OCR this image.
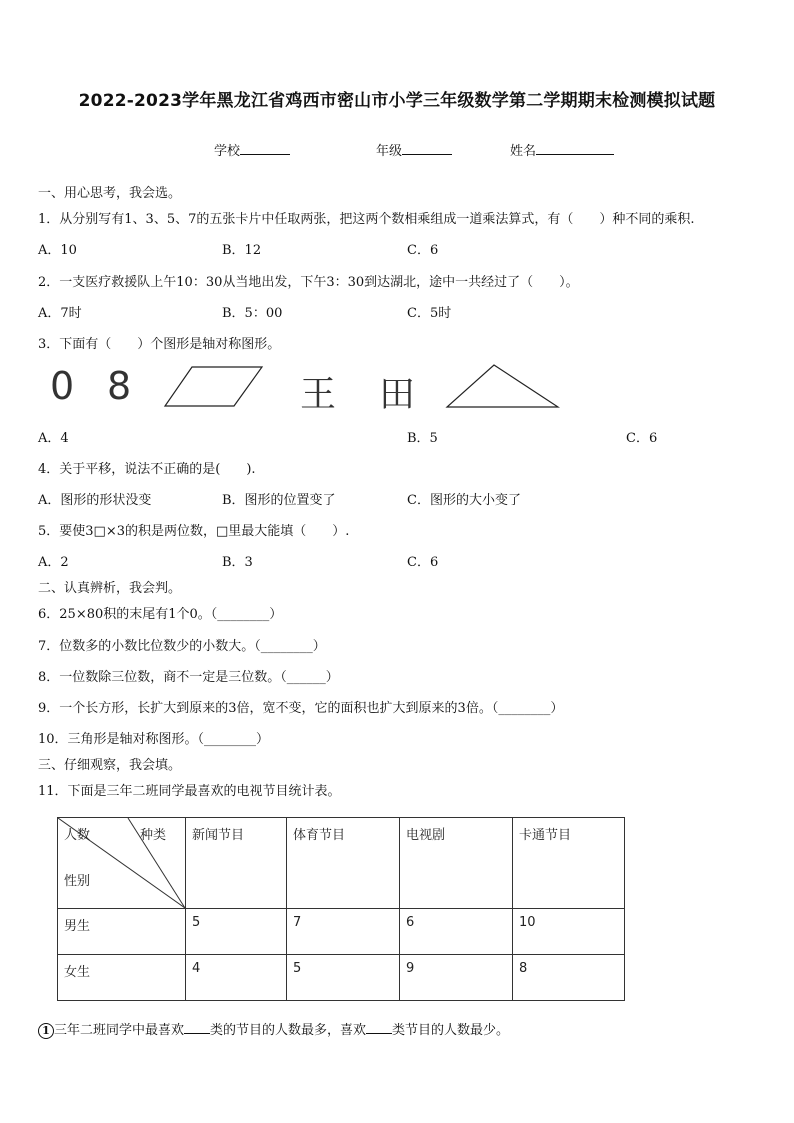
2022-2023学年黑龙江省鸡西市密山市小学三年级数学第二学期期末检测模拟试题
学校	年级	姓名
一、用心思考，我会选。
1．从分别写有1、3、5、7的五张卡片中任取两张，把这两个数相乘组成一道乘法算式，有（　　）种不同的乘积.
A．10	B．12	C．6
2．一支医疗救援队上午10：30从当地出发，下午3：30到达湖北，途中一共经过了（　　）。
A．7时	B．5：00	C．5时
3．下面有（　　）个图形是轴对称图形。
0 8	王 田
A．4	B．5	C．6
4．关于平移，说法不正确的是(　　).
A．图形的形状没变	B．图形的位置变了	C．图形的大小变了
5．要使3□×3的积是两位数，□里最大能填（　　）.
A．2	B．3	C．6
二、认真辨析，我会判。
6．25×80积的末尾有1个0。（________）
7．位数多的小数比位数少的小数大。（________）
8．一位数除三位数，商不一定是三位数。（______）
9．一个长方形，长扩大到原来的3倍，宽不变，它的面积也扩大到原来的3倍。（________）
10．三角形是轴对称图形。（________）
三、仔细观察，我会填。
11．下面是三年二班同学最喜欢的电视节目统计表。
人数 种类
性别	新闻节目	体育节目	电视剧	卡通节目

男生	5	7	6	10

女生	4	5	9	8
1 三年二班同学中最喜欢 类的节目的人数最多，喜欢 类节目的人数最少。
